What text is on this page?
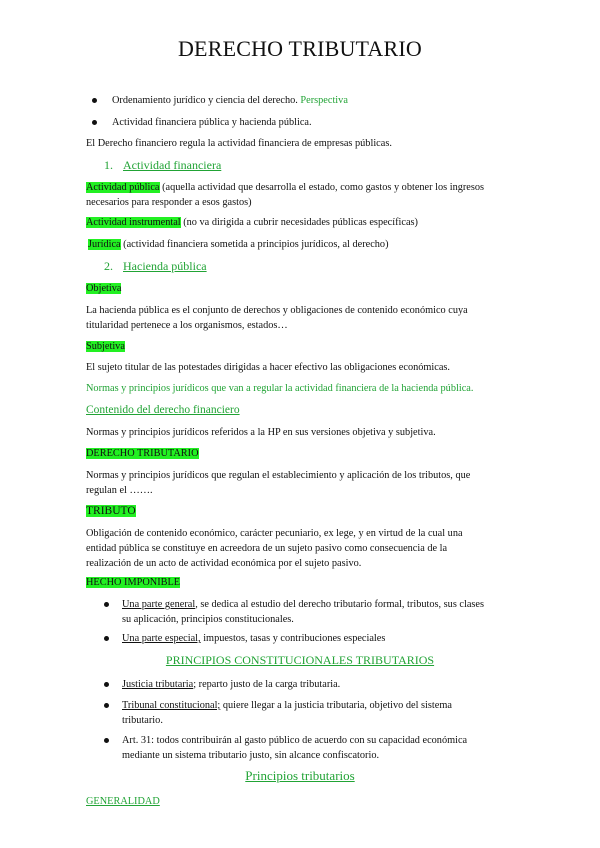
DERECHO TRIBUTARIO
Ordenamiento jurídico y ciencia del derecho. Perspectiva
Actividad financiera pública y hacienda pública.
El Derecho financiero regula la actividad financiera de empresas públicas.
1. Actividad financiera
Actividad pública (aquella actividad que desarrolla el estado, como gastos y obtener los ingresos
necesarios para responder a esos gastos)
Actividad instrumental (no va dirigida a cubrir necesidades públicas específicas)
Jurídica (actividad financiera sometida a principios jurídicos, al derecho)
2. Hacienda pública
Objetiva
La hacienda pública es el conjunto de derechos y obligaciones de contenido económico cuya
titularidad pertenece a los organismos, estados…
Subjetiva
El sujeto titular de las potestades dirigidas a hacer efectivo las obligaciones económicas.
Normas y principios jurídicos que van a regular la actividad financiera de la hacienda pública.
Contenido del derecho financiero
Normas y principios jurídicos referidos a la HP en sus versiones objetiva y subjetiva.
DERECHO TRIBUTARIO
Normas y principios jurídicos que regulan el establecimiento y aplicación de los tributos, que
regulan el …….
TRIBUTO
Obligación de contenido económico, carácter pecuniario, ex lege, y en virtud de la cual una
entidad pública se constituye en acreedora de un sujeto pasivo como consecuencia de la
realización de un acto de actividad económica por el sujeto pasivo.
HECHO IMPONIBLE
Una parte general, se dedica al estudio del derecho tributario formal, tributos, sus clases
su aplicación, principios constitucionales.
Una parte especial, impuestos, tasas y contribuciones especiales
PRINCIPIOS CONSTITUCIONALES TRIBUTARIOS
Justicia tributaria; reparto justo de la carga tributaria.
Tribunal constitucional; quiere llegar a la justicia tributaria, objetivo del sistema
tributario.
Art. 31: todos contribuirán al gasto público de acuerdo con su capacidad económica
mediante un sistema tributario justo, sin alcance confiscatorio.
Principios tributarios
GENERALIDAD
